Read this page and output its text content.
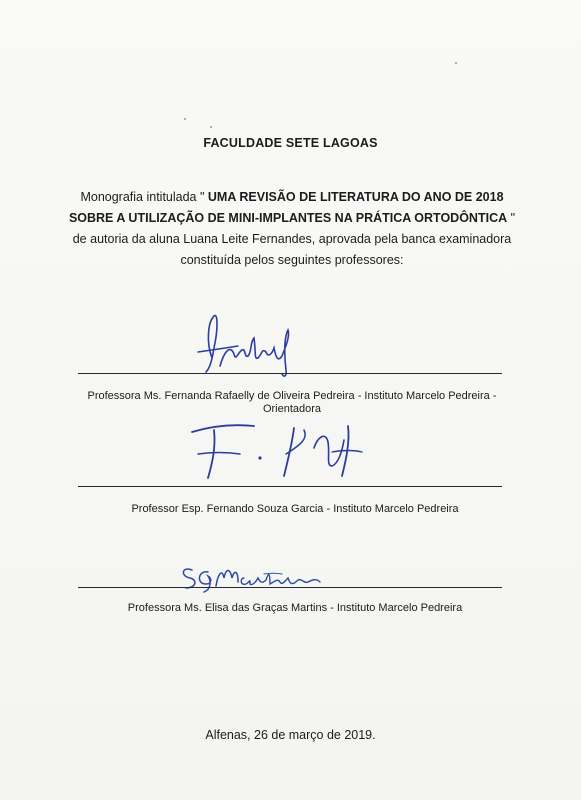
FACULDADE SETE LAGOAS
Monografia intitulada " UMA REVISÃO DE LITERATURA DO ANO DE 2018 SOBRE A UTILIZAÇÃO DE MINI-IMPLANTES NA PRÁTICA ORTODÔNTICA " de autoria da aluna Luana Leite Fernandes, aprovada pela banca examinadora constituída pelos seguintes professores:
Professora Ms. Fernanda Rafaelly de Oliveira Pedreira - Instituto Marcelo Pedreira - Orientadora
Professor Esp. Fernando Souza Garcia - Instituto Marcelo Pedreira
Professora Ms. Elisa das Graças Martins - Instituto Marcelo Pedreira
Alfenas, 26 de março de 2019.
